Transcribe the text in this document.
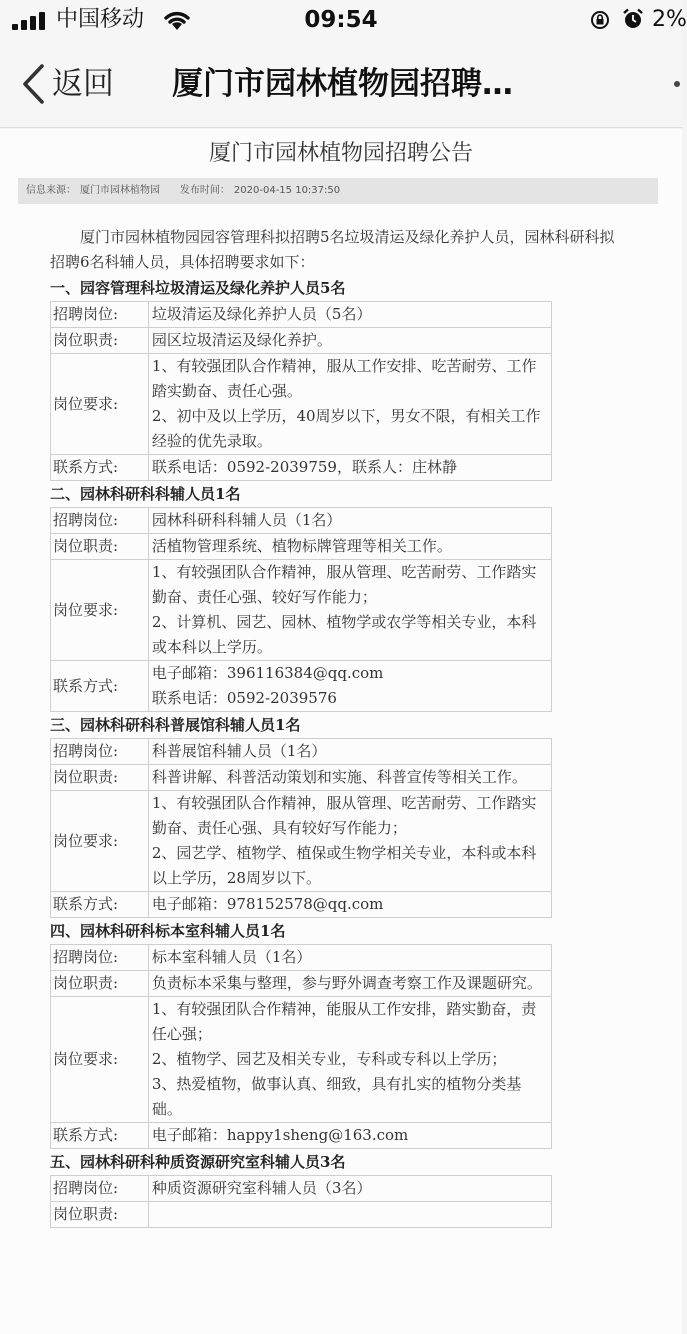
中国移动	09:54	2%
返回 厦门市园林植物园招聘…
厦门市园林植物园招聘公告
信息来源： 厦门市园林植物园 发布时间： 2020-04-15 10:37:50

厦门市园林植物园园容管理科拟招聘5名垃圾清运及绿化养护人员，园林科研科拟招聘6名科辅人员，具体招聘要求如下：

一、园容管理科垃圾清运及绿化养护人员5名
招聘岗位:	垃圾清运及绿化养护人员（5名）
岗位职责:	园区垃圾清运及绿化养护。
岗位要求:	1、有较强团队合作精神，服从工作安排、吃苦耐劳、工作踏实勤奋、责任心强。
2、初中及以上学历，40周岁以下，男女不限，有相关工作经验的优先录取。

联系方式:	联系电话：0592-2039759，联系人：庄林静
二、园林科研科科辅人员1名
招聘岗位:	园林科研科科辅人员（1名）
岗位职责:	活植物管理系统、植物标牌管理等相关工作。
岗位要求:	1、有较强团队合作精神，服从管理、吃苦耐劳、工作踏实勤奋、责任心强、较好写作能力；
2、计算机、园艺、园林、植物学或农学等相关专业，本科或本科以上学历。

联系方式:	电子邮箱：396116384@qq.com
联系电话：0592-2039576
三、园林科研科科普展馆科辅人员1名
招聘岗位:	科普展馆科辅人员（1名）
岗位职责:	科普讲解、科普活动策划和实施、科普宣传等相关工作。
岗位要求:	1、有较强团队合作精神，服从管理、吃苦耐劳、工作踏实勤奋、责任心强、具有较好写作能力；
2、园艺学、植物学、植保或生物学相关专业，本科或本科以上学历，28周岁以下。

联系方式:	电子邮箱：978152578@qq.com
四、园林科研科标本室科辅人员1名
招聘岗位:	标本室科辅人员（1名）
岗位职责:	负责标本采集与整理，参与野外调查考察工作及课题研究。
岗位要求:	1、有较强团队合作精神，能服从工作安排，踏实勤奋，责任心强；
2、植物学、园艺及相关专业，专科或专科以上学历；
3、热爱植物，做事认真、细致，具有扎实的植物分类基础。

联系方式:	电子邮箱：happy1sheng@163.com
五、园林科研科种质资源研究室科辅人员3名
招聘岗位:	种质资源研究室科辅人员（3名）
岗位职责:	
